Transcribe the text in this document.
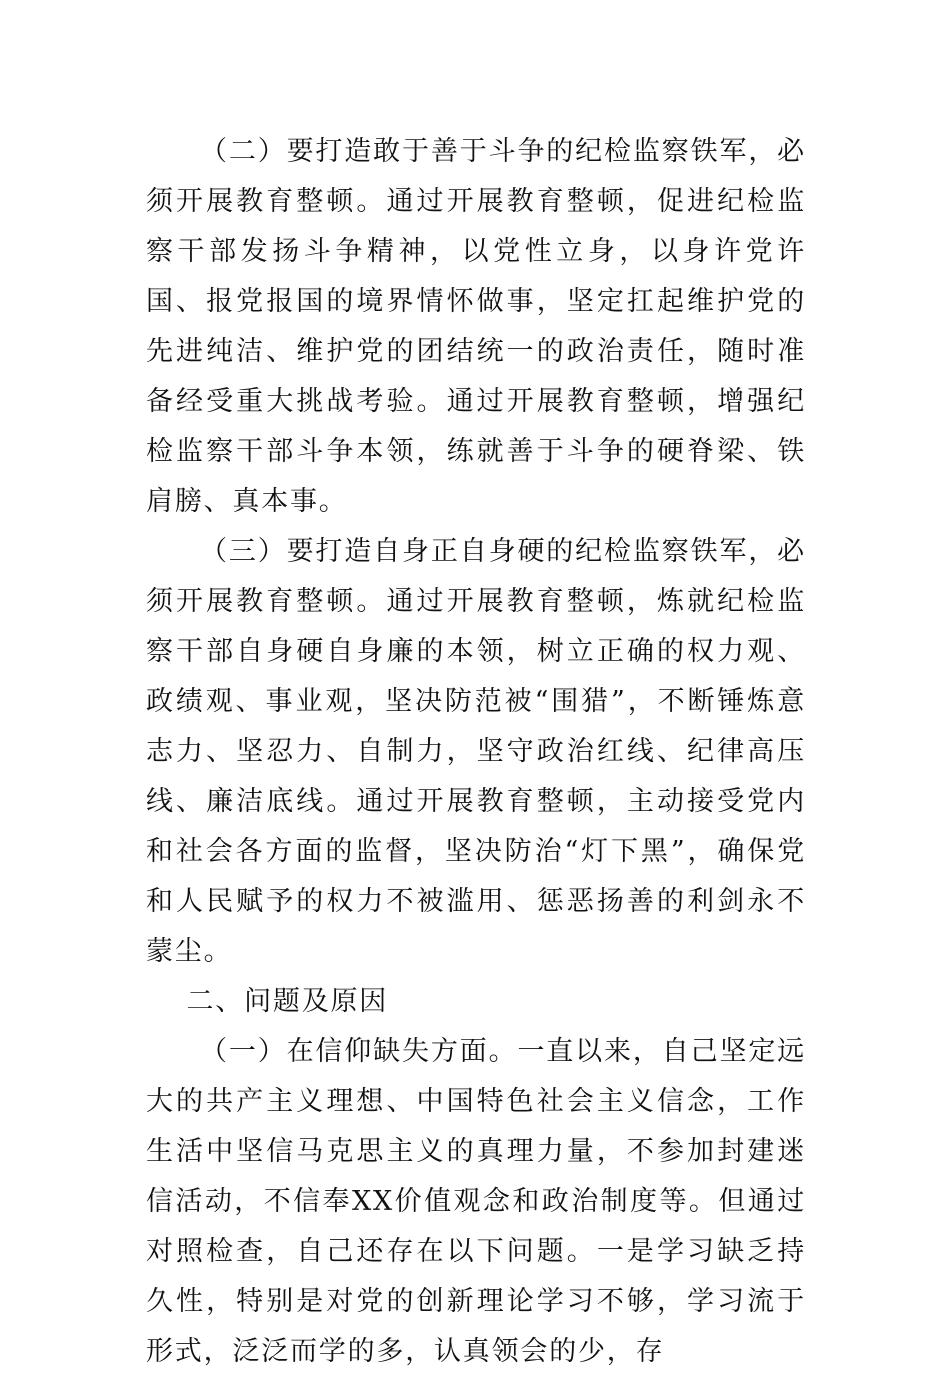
（二）要打造敢于善于斗争的纪检监察铁军，必须开展教育整顿。通过开展教育整顿，促进纪检监察干部发扬斗争精神，以党性立身，以身许党许国、报党报国的境界情怀做事，坚定扛起维护党的先进纯洁、维护党的团结统一的政治责任，随时准备经受重大挑战考验。通过开展教育整顿，增强纪检监察干部斗争本领，练就善于斗争的硬脊梁、铁肩膀、真本事。

（三）要打造自身正自身硬的纪检监察铁军，必须开展教育整顿。通过开展教育整顿，炼就纪检监察干部自身硬自身廉的本领，树立正确的权力观、政绩观、事业观，坚决防范被“围猎”，不断锤炼意志力、坚忍力、自制力，坚守政治红线、纪律高压线、廉洁底线。通过开展教育整顿，主动接受党内和社会各方面的监督，坚决防治“灯下黑”，确保党和人民赋予的权力不被滥用、惩恶扬善的利剑永不蒙尘。

二、问题及原因

（一）在信仰缺失方面。一直以来，自己坚定远大的共产主义理想、中国特色社会主义信念，工作生活中坚信马克思主义的真理力量，不参加封建迷信活动，不信奉XX价值观念和政治制度等。但通过对照检查，自己还存在以下问题。一是学习缺乏持久性，特别是对党的创新理论学习不够，学习流于形式，泛泛而学的多，认真领会的少，存
